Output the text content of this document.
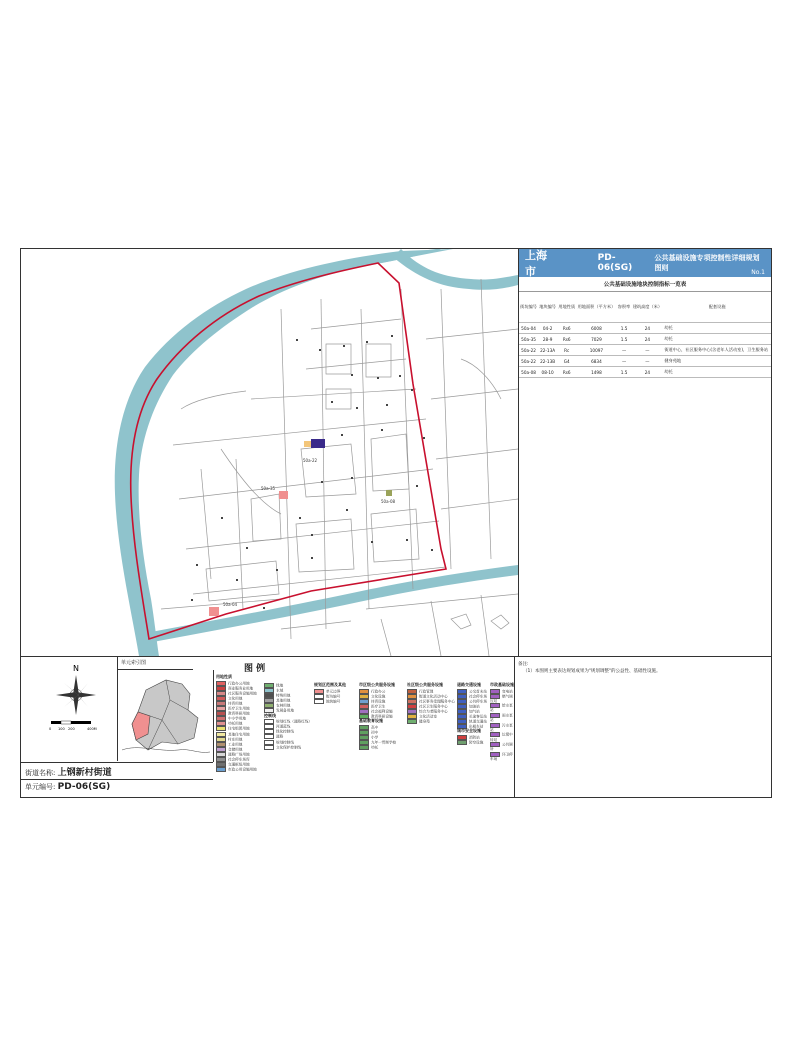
50a-22
50a-35
50a-08
50a-04
上海市
PD-06(SG)
公共基础设施专项控制性详细规划图则
No.1
公共基础设施地块控制指标一览表
街坊编号	地块编号	用地性质	用地面积（平方米）	容积率	建筑高度（米）	配套设施
50a-04	04-2	Rs6	6008	1.5	24	幼托
50a-35	28-9	Rs6	7029	1.5	24	幼托
50a-22	22-13A	Rc	10097	—	—	街道中心，社区服务中心(含老年人活动室)，卫生服务站
50a-22	22-13B	G4	6834	—	—	健身苑地
50a-08	08-10	Rs6	1498	1.5	24	幼托
N
0 100 200	400M
单元索引图
街道名称: 上钢新村街道
单元编号: PD-06(SG)
图 例
用地性质
行政办公用地
商业服务业用地
社区服务设施用地
文化用地
体育用地
医疗卫生用地
教育科研用地
中小学用地
幼托用地
住宅组团用地
其他住宅用地
村庄用地
工业用地
仓储用地
道路广场用地
社会停车场库
交通枢纽用地
市政公用设施用地
绿地
水域
特殊用地
其他用地
农林用地
发展备用地
控制线
规划红线（道路红线）
河道蓝线
绿化控制线
道路
规划控制线
文化保护控制线
规划区范围及其他
单元边界
街坊编号
地块编号
市区级公共服务设施
行政办公
文化设施
体育设施
医疗卫生
社会福利设施
教育科研设施
基础教育设施
高中
初中
小学
九年一贯制学校
幼托
社区级公共服务设施
行政管理
街道文化活动中心
社区事务受理服务中心
社区卫生服务中心
综合为老服务中心
文化活动室
健身苑
道路交通设施
公交首末站
社会停车场
公共停车场
加油站
加气站
长途客运站
轨道交通站
出租车站
城市安全设施
消防站
防空设施
市政基础设施
变电站
燃气调压站
给水泵站
雨水泵站
污水泵站
垃圾中转站
公共厕所
环卫停车场
备注:
（1）本图则主要表达规划成果为"规划调整"的公益性、基础性设施。
